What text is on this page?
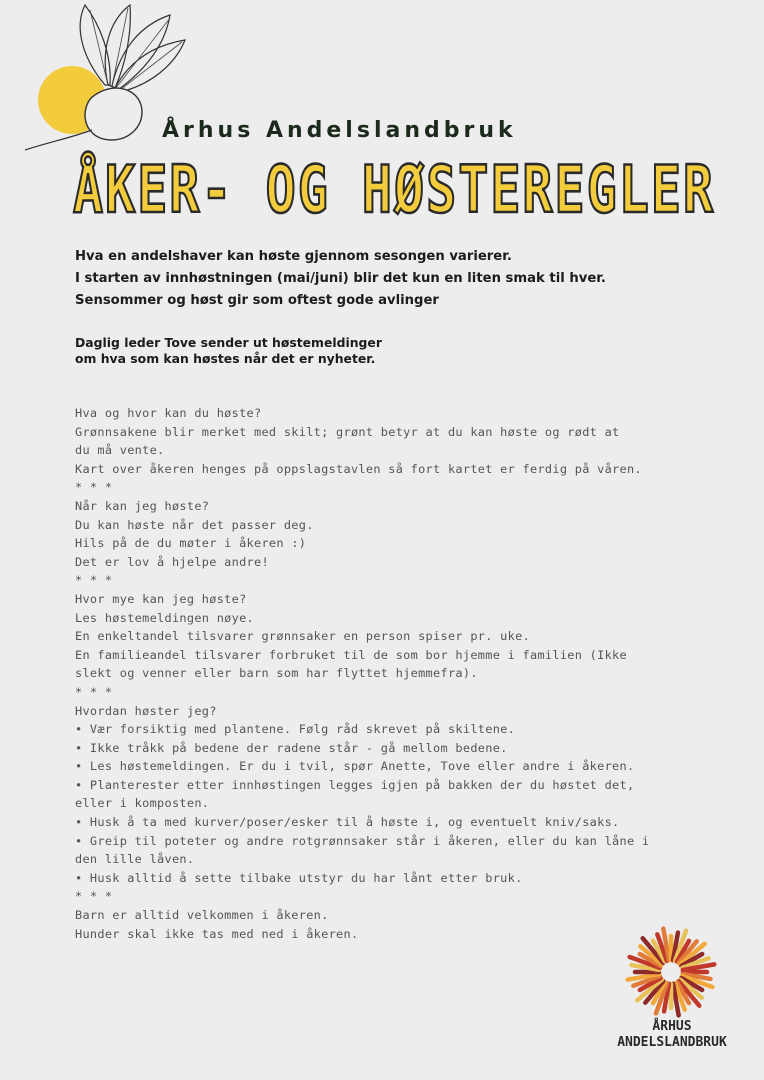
Århus Andelslandbruk
ÅKER- OG HØSTEREGLER

Hva en andelshaver kan høste gjennom sesongen varierer.

I starten av innhøstningen (mai/juni) blir det kun en liten smak til hver.

Sensommer og høst gir som oftest gode avlinger

Daglig leder Tove sender ut høstemeldinger

om hva som kan høstes når det er nyheter.

Hva og hvor kan du høste?

Grønnsakene blir merket med skilt; grønt betyr at du kan høste og rødt at

du må vente.

Kart over åkeren henges på oppslagstavlen så fort kartet er ferdig på våren.

* * *

Når kan jeg høste?

Du kan høste når det passer deg.

Hils på de du møter i åkeren :)

Det er lov å hjelpe andre!

* * *

Hvor mye kan jeg høste?

Les høstemeldingen nøye.

En enkeltandel tilsvarer grønnsaker en person spiser pr. uke.

En familieandel tilsvarer forbruket til de som bor hjemme i familien (Ikke

slekt og venner eller barn som har flyttet hjemmefra).

* * *

Hvordan høster jeg?

• Vær forsiktig med plantene. Følg råd skrevet på skiltene.

• Ikke tråkk på bedene der radene står - gå mellom bedene.

• Les høstemeldingen. Er du i tvil, spør Anette, Tove eller andre i åkeren.

• Planterester etter innhøstingen legges igjen på bakken der du høstet det,

eller i komposten.

• Husk å ta med kurver/poser/esker til å høste i, og eventuelt kniv/saks.

• Greip til poteter og andre rotgrønnsaker står i åkeren, eller du kan låne i

den lille låven.

• Husk alltid å sette tilbake utstyr du har lånt etter bruk.

* * *

Barn er alltid velkommen i åkeren.

Hunder skal ikke tas med ned i åkeren.

ÅRHUS
ANDELSLANDBRUK
